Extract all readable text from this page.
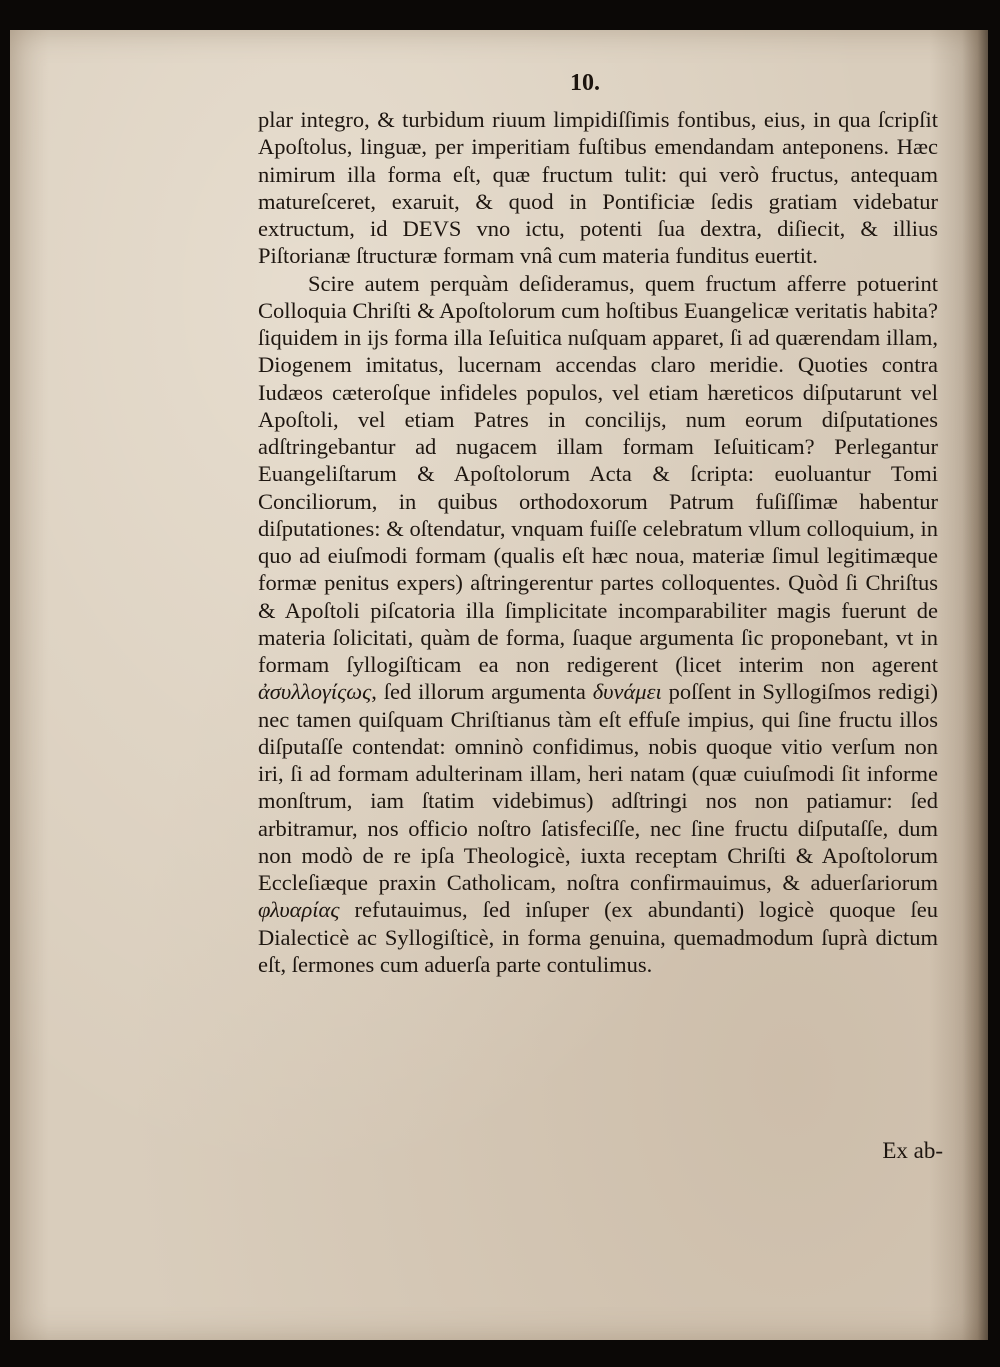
10.

plar integro, & turbidum riuum limpidiſſimis fontibus, eius, in qua ſcripſit Apoſtolus, linguæ, per imperitiam fuſtibus emendandam anteponens. Hæc nimirum illa forma eſt, quæ fructum tulit: qui verò fructus, antequam matureſceret, exaruit, & quod in Pontificiæ ſedis gratiam videbatur extructum, id DEVS vno ictu, potenti ſua dextra, diſiecit, & illius Piſtorianæ ſtructuræ formam vnâ cum materia funditus euertit.

Scire autem perquàm deſideramus, quem fructum afferre potuerint Colloquia Chriſti & Apoſtolorum cum hoſtibus Euangelicæ veritatis habita? ſiquidem in ijs forma illa Ieſuitica nuſquam apparet, ſi ad quærendam illam, Diogenem imitatus, lucernam accendas claro meridie. Quoties contra Iudæos cæteroſque infideles populos, vel etiam hæreticos diſputarunt vel Apoſtoli, vel etiam Patres in concilijs, num eorum diſputationes adſtringebantur ad nugacem illam formam Ieſuiticam? Perlegantur Euangeliſtarum & Apoſtolorum Acta & ſcripta: euoluantur Tomi Conciliorum, in quibus orthodoxorum Patrum fuſiſſimæ habentur diſputationes: & oſtendatur, vnquam fuiſſe celebratum vllum colloquium, in quo ad eiuſmodi formam (qualis eſt hæc noua, materiæ ſimul legitimæque formæ penitus expers) aſtringerentur partes colloquentes. Quòd ſi Chriſtus & Apoſtoli piſcatoria illa ſimplicitate incomparabiliter magis fuerunt de materia ſolicitati, quàm de forma, ſuaque argumenta ſic proponebant, vt in formam ſyllogiſticam ea non redigerent (licet interim non agerent ἀσυλλογίςως, ſed illorum argumenta δυνάμει poſſent in Syllogiſmos redigi) nec tamen quiſquam Chriſtianus tàm eſt effuſe impius, qui ſine fructu illos diſputaſſe contendat: omninò confidimus, nobis quoque vitio verſum non iri, ſi ad formam adulterinam illam, heri natam (quæ cuiuſmodi ſit informe monſtrum, iam ſtatim videbimus) adſtringi nos non patiamur: ſed arbitramur, nos officio noſtro ſatisfeciſſe, nec ſine fructu diſputaſſe, dum non modò de re ipſa Theologicè, iuxta receptam Chriſti & Apoſtolorum Eccleſiæque praxin Catholicam, noſtra confirmauimus, & aduerſariorum φλυαρίας refutauimus, ſed inſuper (ex abundanti) logicè quoque ſeu Dialecticè ac Syllogiſticè, in forma genuina, quemadmodum ſuprà dictum eſt, ſermones cum aduerſa parte contulimus.

Ex ab-
